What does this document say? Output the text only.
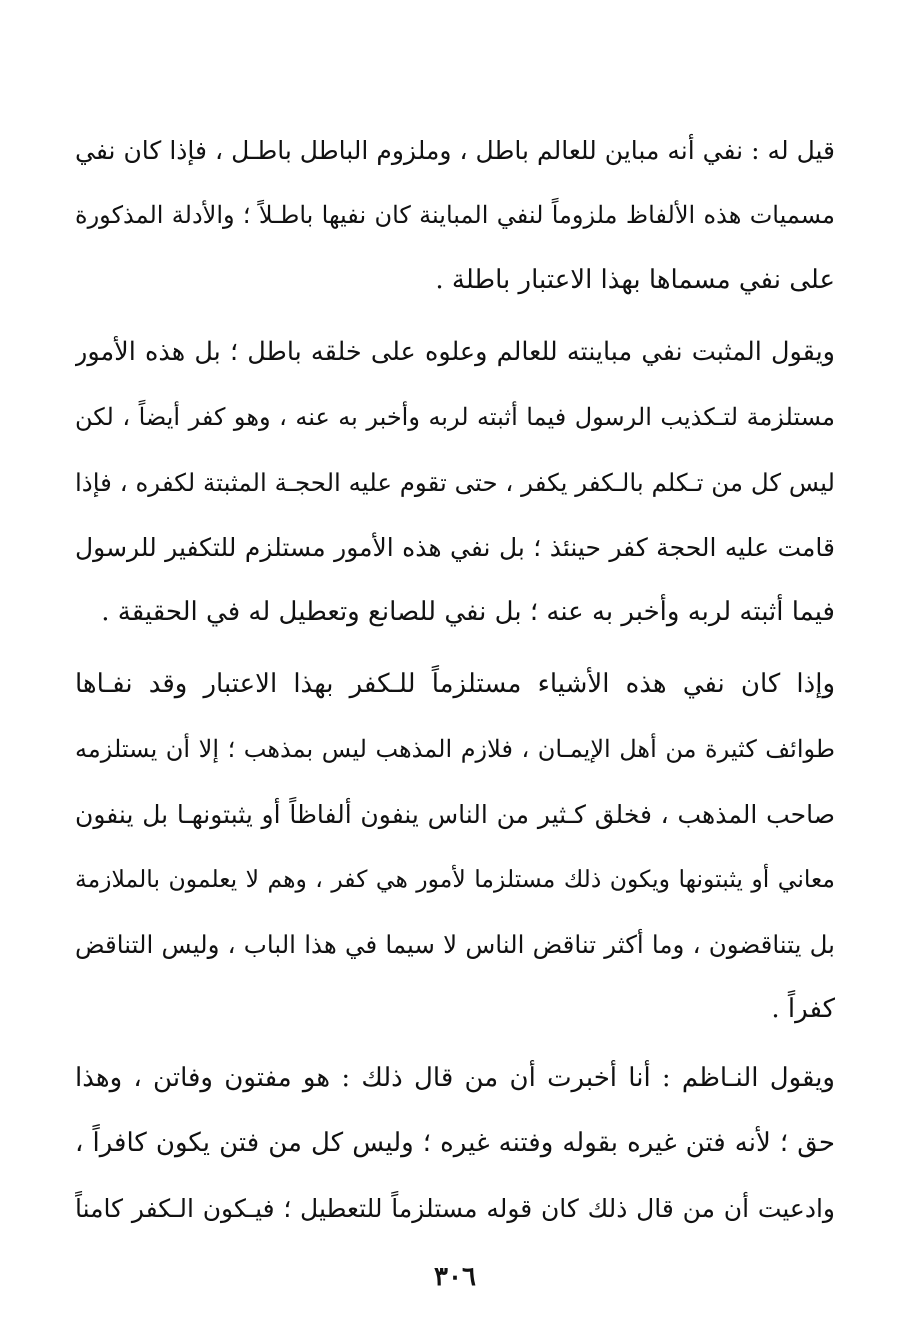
قيل له : نفي أنه مباين للعالم باطل ، وملزوم الباطل باطـل ، فإذا كان نفي
مسميات هذه الألفاظ ملزوماً لنفي المباينة كان نفيها باطـلاً ؛ والأدلة المذكورة
على نفي مسماها بهذا الاعتبار باطلة .
ويقول المثبت نفي مباينته للعالم وعلوه على خلقه باطل ؛ بل هذه الأمور
مستلزمة لتـكذيب الرسول فيما أثبته لربه وأخبر به عنه ، وهو كفر أيضاً ، لكن
ليس كل من تـكلم بالـكفر يكفر ، حتى تقوم عليه الحجـة المثبتة لكفره ، فإذا
قامت عليه الحجة كفر حينئذ ؛ بل نفي هذه الأمور مستلزم للتكفير للرسول
فيما أثبته لربه وأخبر به عنه ؛ بل نفي للصانع وتعطيل له في الحقيقة .
وإذا كان نفي هذه الأشياء مستلزماً للـكفر بهذا الاعتبار وقد نفـاها
طوائف كثيرة من أهل الإيمـان ، فلازم المذهب ليس بمذهب ؛ إلا أن يستلزمه
صاحب المذهب ، فخلق كـثير من الناس ينفون ألفاظاً أو يثبتونهـا بل ينفون
معاني أو يثبتونها ويكون ذلك مستلزما لأمور هي كفر ، وهم لا يعلمون بالملازمة
بل يتناقضون ، وما أكثر تناقض الناس لا سيما في هذا الباب ، وليس التناقض
كفراً .
ويقول النـاظم : أنا أخبرت أن من قال ذلك : هو مفتون وفاتن ، وهذا
حق ؛ لأنه فتن غيره بقوله وفتنه غيره ؛ وليس كل من فتن يكون كافراً ،
وادعيت أن من قال ذلك كان قوله مستلزماً للتعطيل ؛ فيـكون الـكفر كامناً
٣٠٦
